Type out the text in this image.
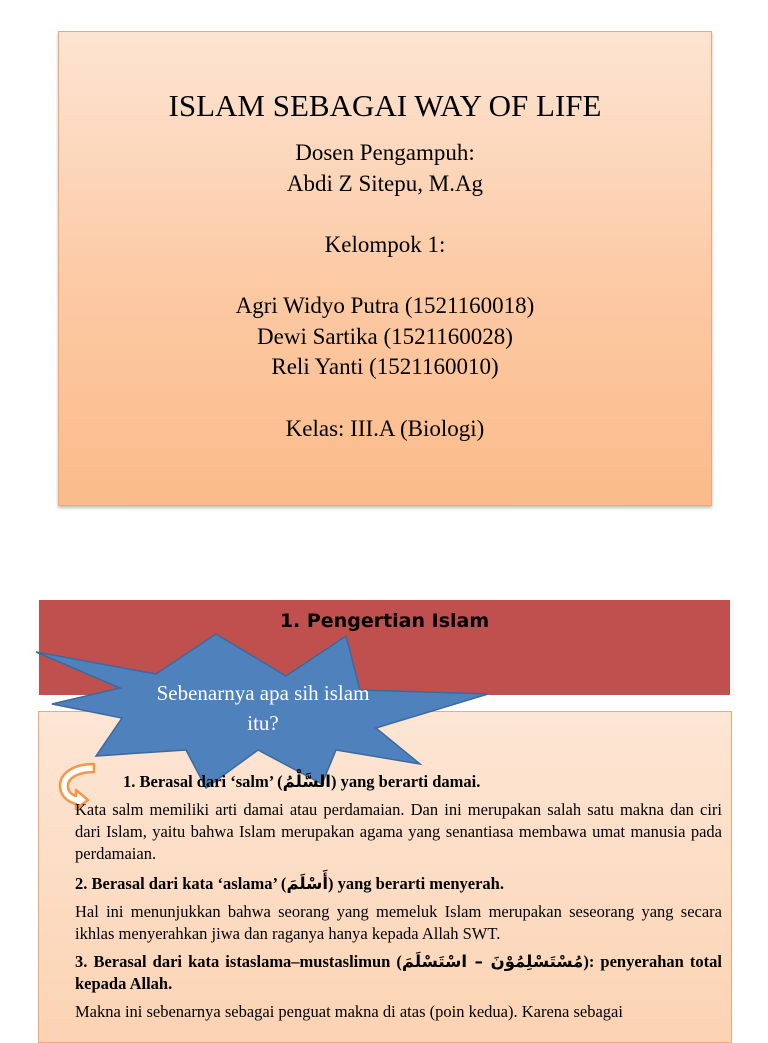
ISLAM SEBAGAI WAY OF LIFE
Dosen Pengampuh:
Abdi Z Sitepu, M.Ag
Kelompok 1:
Agri Widyo Putra (1521160018)
Dewi Sartika (1521160028)
Reli Yanti (1521160010)
Kelas: III.A (Biologi)
1. Pengertian Islam
Sebenarnya apa sih islam itu?
1. Berasal dari ‘salm’ (السَّلْمُ) yang berarti damai.
Kata salm memiliki arti damai atau perdamaian. Dan ini merupakan salah satu makna dan ciri dari Islam, yaitu bahwa Islam merupakan agama yang senantiasa membawa umat manusia pada perdamaian.
2. Berasal dari kata ‘aslama’ (أَسْلَمَ) yang berarti menyerah.
Hal ini menunjukkan bahwa seorang yang memeluk Islam merupakan seseorang yang secara ikhlas menyerahkan jiwa dan raganya hanya kepada Allah SWT.
3. Berasal dari kata istaslama–mustaslimun (مُسْتَسْلِمُوْنَ – اسْتَسْلَمَ): penyerahan total kepada Allah.
Makna ini sebenarnya sebagai penguat makna di atas (poin kedua). Karena sebagai
